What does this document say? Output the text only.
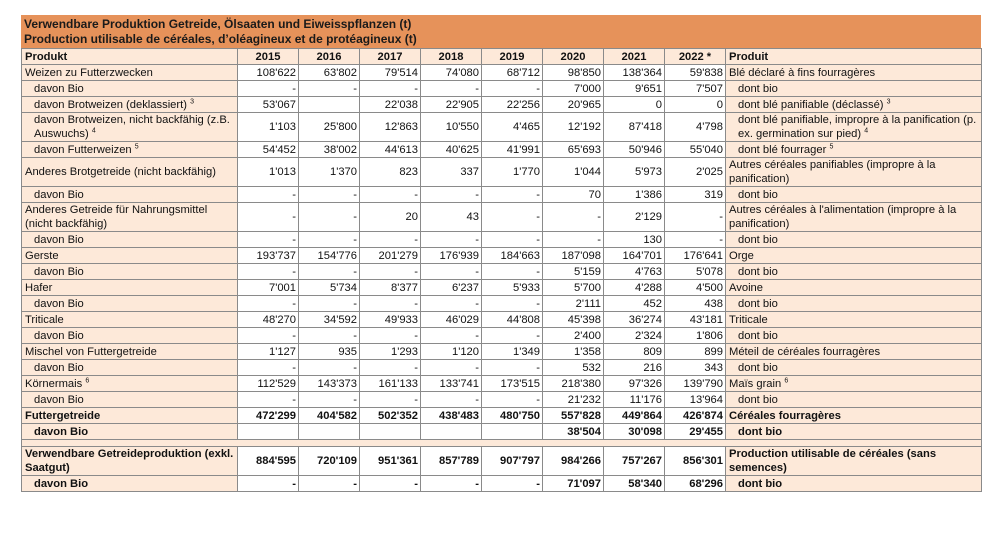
Verwendbare Produktion Getreide, Ölsaaten und Eiweisspflanzen (t)
Production utilisable de céréales, d’oléagineux et de protéagineux (t)
Produkt	2015	2016	2017	2018	2019	2020	2021	2022 *	Produit
Weizen zu Futterzwecken	108'622	63'802	79'514	74'080	68'712	98'850	138'364	59'838	Blé déclaré à fins fourragères
davon Bio	-	-	-	-	-	7'000	9'651	7'507	dont bio
davon Brotweizen (deklassiert) $^3$	53'067		22'038	22'905	22'256	20'965	0	0	dont blé panifiable (déclassé) $^3$
davon Brotweizen, nicht backfähig (z.B. Auswuchs) $^4$	1'103	25'800	12'863	10'550	4'465	12'192	87'418	4'798	dont blé panifiable, impropre à la panification (p. ex. germination sur pied) $^4$
davon Futterweizen $^5$	54'452	38'002	44'613	40'625	41'991	65'693	50'946	55'040	dont blé fourrager $^5$
Anderes Brotgetreide (nicht backfähig)	1'013	1'370	823	337	1'770	1'044	5'973	2'025	Autres céréales panifiables (impropre à la panification)
davon Bio	-	-	-	-	-	70	1'386	319	dont bio
Anderes Getreide für Nahrungsmittel (nicht backfähig)	-	-	20	43	-	-	2'129	-	Autres céréales à l'alimentation (impropre à la panification)
davon Bio	-	-	-	-	-	-	130	-	dont bio
Gerste	193'737	154'776	201'279	176'939	184'663	187'098	164'701	176'641	Orge
davon Bio	-	-	-	-	-	5'159	4'763	5'078	dont bio
Hafer	7'001	5'734	8'377	6'237	5'933	5'700	4'288	4'500	Avoine
davon Bio	-	-	-	-	-	2'111	452	438	dont bio
Triticale	48'270	34'592	49'933	46'029	44'808	45'398	36'274	43'181	Triticale
davon Bio	-	-	-	-	-	2'400	2'324	1'806	dont bio
Mischel von Futtergetreide	1'127	935	1'293	1'120	1'349	1'358	809	899	Méteil de céréales fourragères
davon Bio	-	-	-	-	-	532	216	343	dont bio
Körnermais $^6$	112'529	143'373	161'133	133'741	173'515	218'380	97'326	139'790	Maïs grain $^6$
davon Bio	-	-	-	-	-	21'232	11'176	13'964	dont bio
Futtergetreide	472'299	404'582	502'352	438'483	480'750	557'828	449'864	426'874	Céréales fourragères
davon Bio						38'504	30'098	29'455	dont bio

Verwendbare Getreideproduktion (exkl. Saatgut)	884'595	720'109	951'361	857'789	907'797	984'266	757'267	856'301	Production utilisable de céréales (sans semences)
davon Bio	-	-	-	-	-	71'097	58'340	68'296	dont bio
